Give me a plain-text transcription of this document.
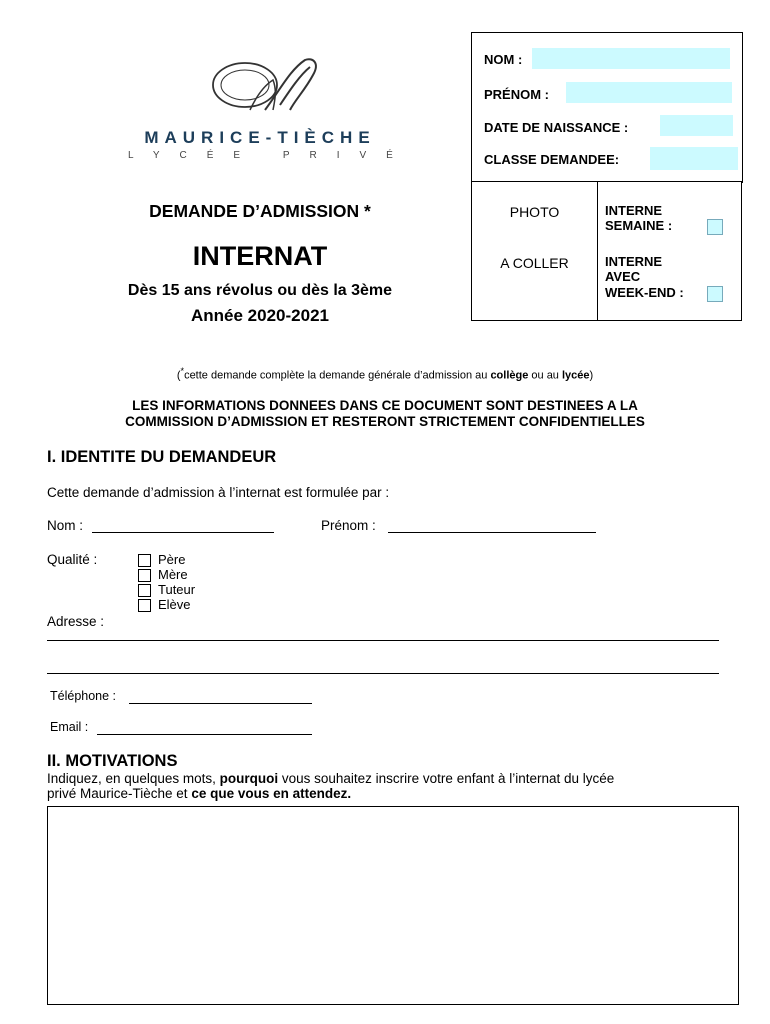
MAURICE-TIÈCHE
LYCÉE PRIVÉ
DEMANDE D’ADMISSION *
INTERNAT
Dès 15 ans révolus ou dès la 3ème
Année 2020-2021
NOM :
PRÉNOM :
DATE DE NAISSANCE :
CLASSE DEMANDEE:
PHOTO
A COLLER
INTERNE
SEMAINE :
INTERNE
AVEC
WEEK-END :
(*cette demande complète la demande générale d’admission au collège ou au lycée)
LES INFORMATIONS DONNEES DANS CE DOCUMENT SONT DESTINEES A LA
COMMISSION D’ADMISSION ET RESTERONT STRICTEMENT CONFIDENTIELLES
I. IDENTITE DU DEMANDEUR
Cette demande d’admission à l’internat est formulée par :
Nom :	Prénom :
Qualité :	Père
Mère
Tuteur
Elève
Adresse :
Téléphone :
Email :
II. MOTIVATIONS
Indiquez, en quelques mots, pourquoi vous souhaitez inscrire votre enfant à l’internat du lycée
privé Maurice-Tièche et ce que vous en attendez.
